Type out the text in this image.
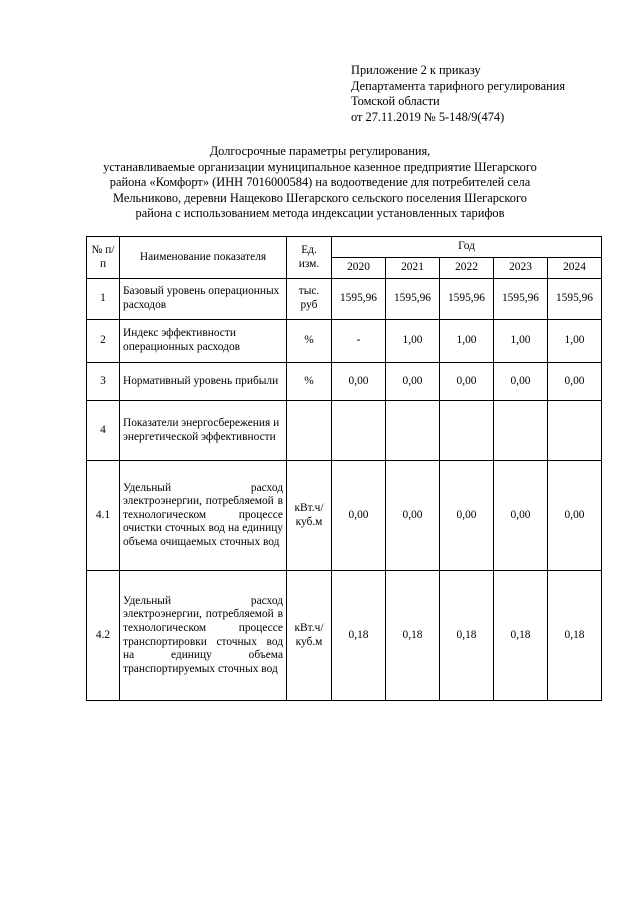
Приложение 2 к приказу
Департамента тарифного регулирования
Томской области
от 27.11.2019 № 5-148/9(474)
Долгосрочные параметры регулирования,
устанавливаемые организации муниципальное казенное предприятие Шегарского
района «Комфорт» (ИНН 7016000584) на водоотведение для потребителей села
Мельниково, деревни Нащеково Шегарского сельского поселения Шегарского
района с использованием метода индексации установленных тарифов
№ п/п	Наименование показателя	Ед. изм.	Год				
			2020	2021	2022	2023	2024
1	Базовый уровень операционных расходов	тыс. руб	1595,96	1595,96	1595,96	1595,96	1595,96
2	Индекс эффективности операционных расходов	%	-	1,00	1,00	1,00	1,00
3	Нормативный уровень прибыли	%	0,00	0,00	0,00	0,00	0,00
4	Показатели энергосбережения и энергетической эффективности						
4.1	Удельный расход электроэнергии, потребляемой в технологическом процессе очистки сточных вод на единицу объема очищаемых сточных вод	кВт.ч/ куб.м	0,00	0,00	0,00	0,00	0,00
4.2	Удельный расход электроэнергии, потребляемой в технологическом процессе транспортировки сточных вод на единицу объема транспортируемых сточных вод	кВт.ч/ куб.м	0,18	0,18	0,18	0,18	0,18
